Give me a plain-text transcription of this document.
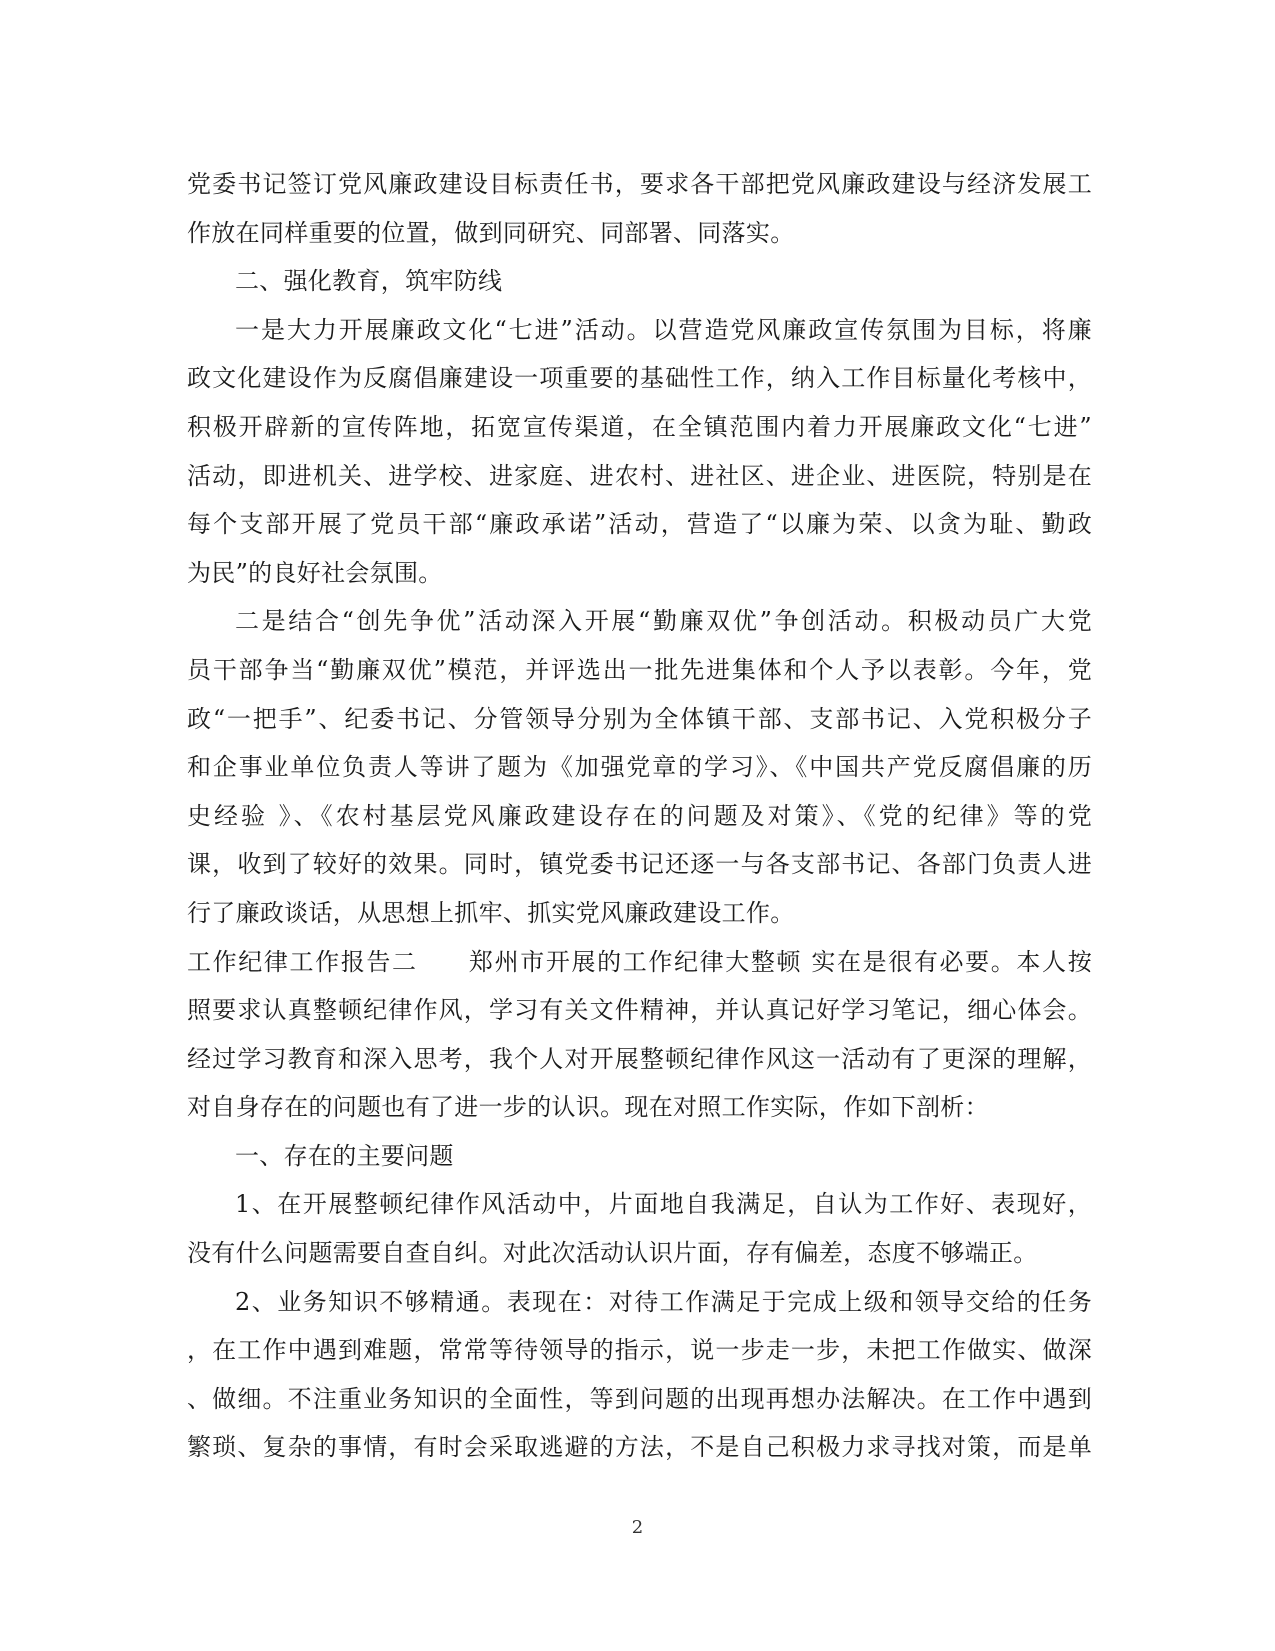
党委书记签订党风廉政建设目标责任书，要求各干部把党风廉政建设与经济发展工
作放在同样重要的位置，做到同研究、同部署、同落实。
二、强化教育，筑牢防线
一是大力开展廉政文化“七进”活动。以营造党风廉政宣传氛围为目标，将廉
政文化建设作为反腐倡廉建设一项重要的基础性工作，纳入工作目标量化考核中，
积极开辟新的宣传阵地，拓宽宣传渠道，在全镇范围内着力开展廉政文化“七进”
活动，即进机关、进学校、进家庭、进农村、进社区、进企业、进医院，特别是在
每个支部开展了党员干部“廉政承诺”活动，营造了“以廉为荣、以贪为耻、勤政
为民”的良好社会氛围。
二是结合“创先争优”活动深入开展“勤廉双优”争创活动。积极动员广大党
员干部争当“勤廉双优”模范，并评选出一批先进集体和个人予以表彰。今年，党
政“一把手”、纪委书记、分管领导分别为全体镇干部、支部书记、入党积极分子
和企事业单位负责人等讲了题为《加强党章的学习》、《中国共产党反腐倡廉的历
史经验 》、《农村基层党风廉政建设存在的问题及对策》、《党的纪律》等的党
课，收到了较好的效果。同时，镇党委书记还逐一与各支部书记、各部门负责人进
行了廉政谈话，从思想上抓牢、抓实党风廉政建设工作。
工作纪律工作报告二　　郑州市开展的工作纪律大整顿 实在是很有必要。本人按
照要求认真整顿纪律作风，学习有关文件精神，并认真记好学习笔记，细心体会。
经过学习教育和深入思考，我个人对开展整顿纪律作风这一活动有了更深的理解，
对自身存在的问题也有了进一步的认识。现在对照工作实际，作如下剖析：
一、存在的主要问题
1、在开展整顿纪律作风活动中，片面地自我满足，自认为工作好、表现好，
没有什么问题需要自查自纠。对此次活动认识片面，存有偏差，态度不够端正。
2、业务知识不够精通。表现在：对待工作满足于完成上级和领导交给的任务
，在工作中遇到难题，常常等待领导的指示，说一步走一步，未把工作做实、做深
、做细。不注重业务知识的全面性，等到问题的出现再想办法解决。在工作中遇到
繁琐、复杂的事情，有时会采取逃避的方法，不是自己积极力求寻找对策，而是单
2
